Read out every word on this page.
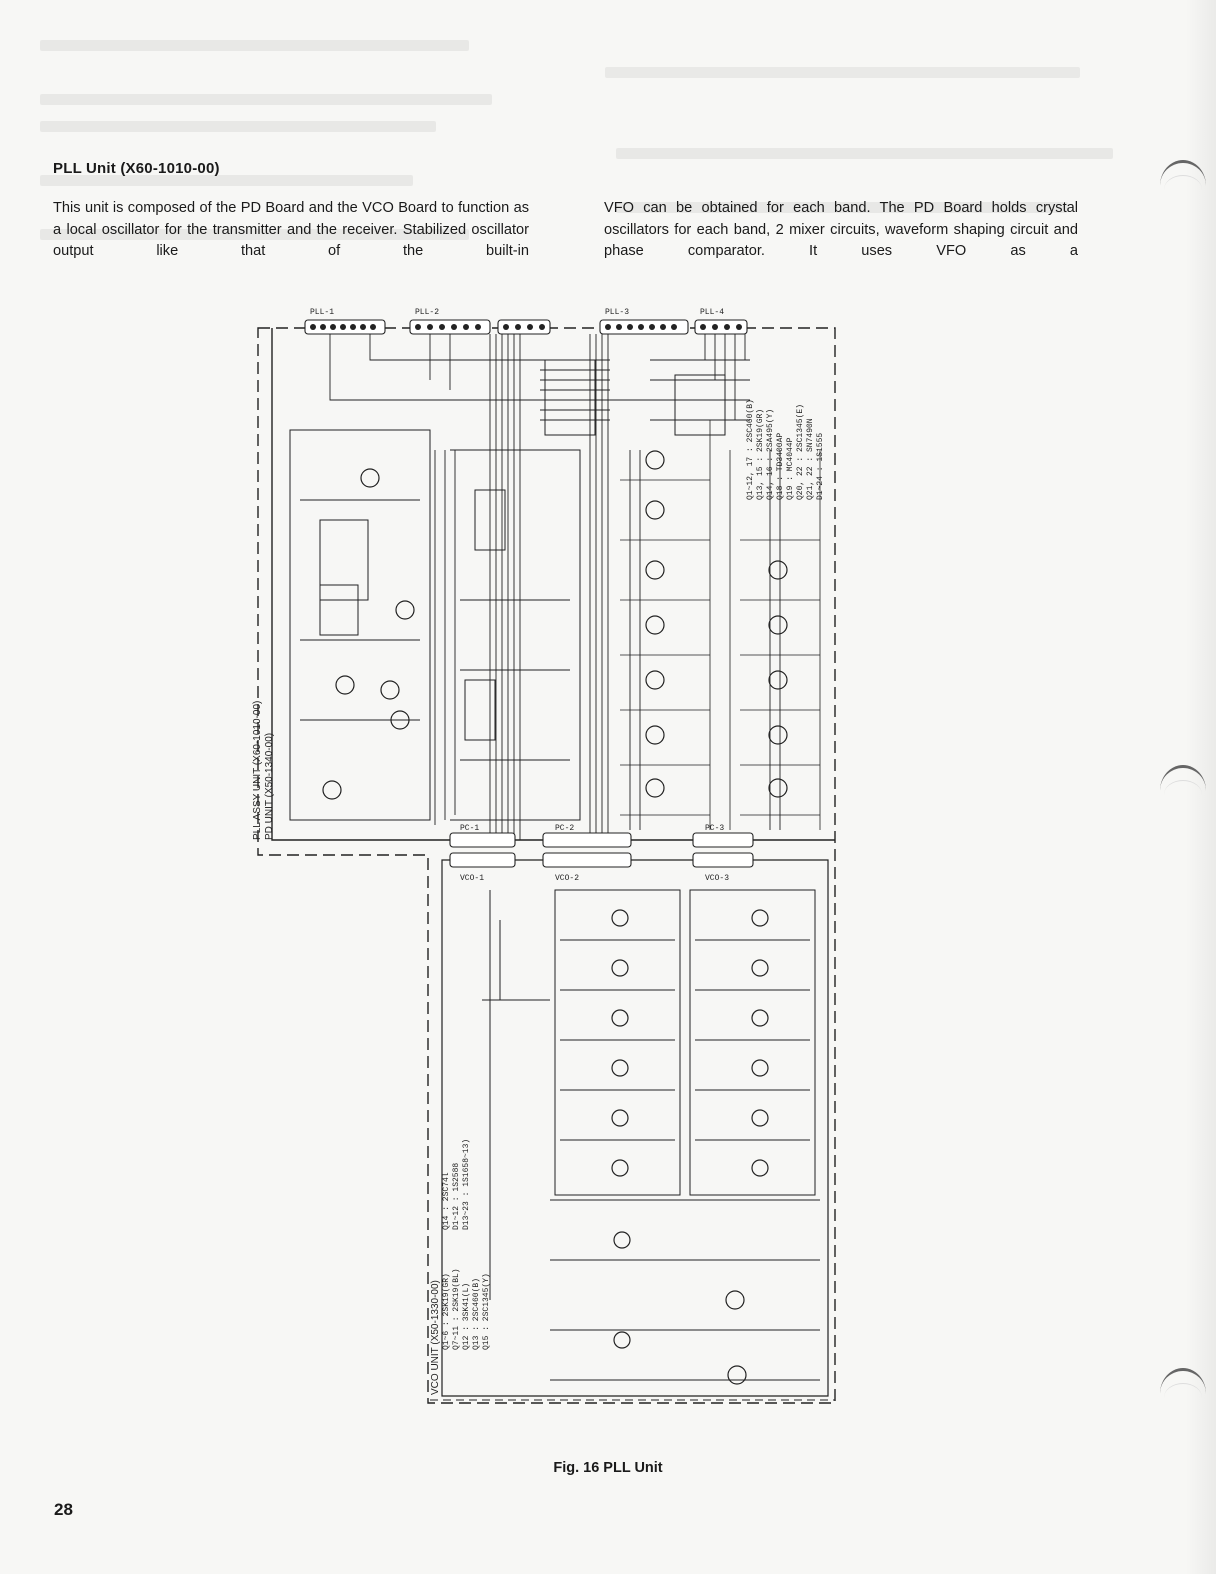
PLL Unit (X60-1010-00)

This unit is composed of the PD Board and the VCO Board to function as a local oscillator for the transmitter and the receiver. Stabilized oscillator output like that of the built-in

VFO can be obtained for each band. The PD Board holds crystal oscillators for each band, 2 mixer circuits, waveform shaping circuit and phase comparator. It uses VFO as a

PLL ASSY UNIT (X60-1010-00) PD UNIT (X50-1340-00)
VCO UNIT (X50-1330-00)
Q1~12, 17 : 2SC460(B) Q13, 15 : 2SK19(GR) Q14, 16 : 2SA495(Y) Q18 : TD3400AP Q19 : MC4044P Q20, 22 : 2SC1345(E) Q21, 22 : SN7490N D1~24 : 1S1555
Q1~6 : 2SK19(GR) Q7~11 : 2SK19(BL) Q12 : 3SK41(L) Q13 : 2SC460(B) Q15 : 2SC1345(Y)
Q14 : 2SC74l D1~12 : 1S2588 D13~23 : 1S1658~13)
PLL-1	PLL-2	PLL-3	PLL-4
PC-1	PC-2	PC-3
VCO-1	VCO-2	VCO-3
Fig. 16 PLL Unit
28
